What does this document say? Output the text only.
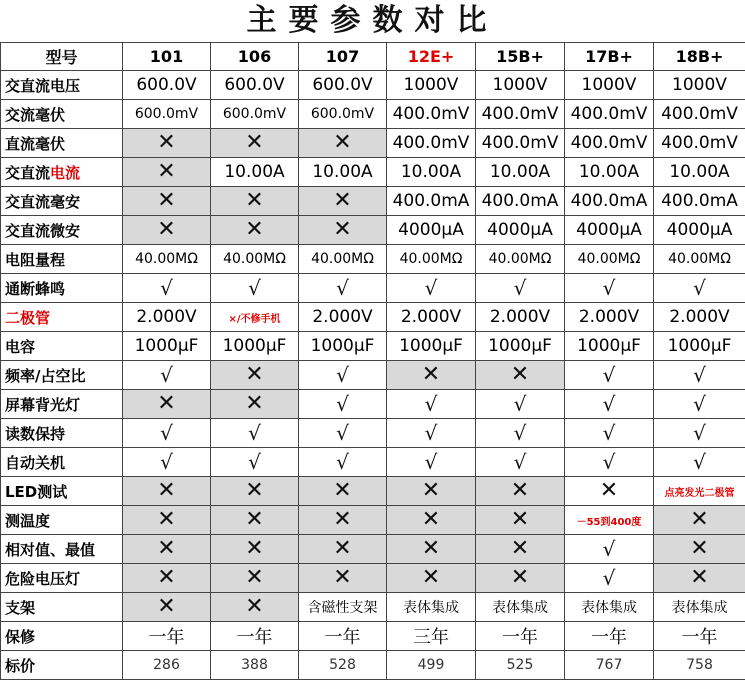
主要参数对比
型号	101	106	107	12E+	15B+	17B+	18B+
交直流电压	600.0V	600.0V	600.0V	1000V	1000V	1000V	1000V
交流毫伏	600.0mV	600.0mV	600.0mV	400.0mV	400.0mV	400.0mV	400.0mV
直流毫伏	✕	✕	✕	400.0mV	400.0mV	400.0mV	400.0mV
交直流电流	✕	10.00A	10.00A	10.00A	10.00A	10.00A	10.00A
交直流毫安	✕	✕	✕	400.0mA	400.0mA	400.0mA	400.0mA
交直流微安	✕	✕	✕	4000μA	4000μA	4000μA	4000μA
电阻量程	40.00MΩ	40.00MΩ	40.00MΩ	40.00MΩ	40.00MΩ	40.00MΩ	40.00MΩ
通断蜂鸣	√	√	√	√	√	√	√
二极管	2.000V	×/不修手机	2.000V	2.000V	2.000V	2.000V	2.000V
电容	1000μF	1000μF	1000μF	1000μF	1000μF	1000μF	1000μF
频率/占空比	√	✕	√	✕	✕	√	√
屏幕背光灯	✕	✕	√	√	√	√	√
读数保持	√	√	√	√	√	√	√
自动关机	√	√	√	√	√	√	√
LED测试	✕	✕	✕	✕	✕	✕	点亮发光二极管
测温度	✕	✕	✕	✕	✕	－55到400度	✕
相对值、最值	✕	✕	✕	✕	✕	√	✕
危险电压灯	✕	✕	✕	✕	✕	√	✕
支架	✕	✕	含磁性支架	表体集成	表体集成	表体集成	表体集成
保修	一年	一年	一年	三年	一年	一年	一年
标价	286	388	528	499	525	767	758
